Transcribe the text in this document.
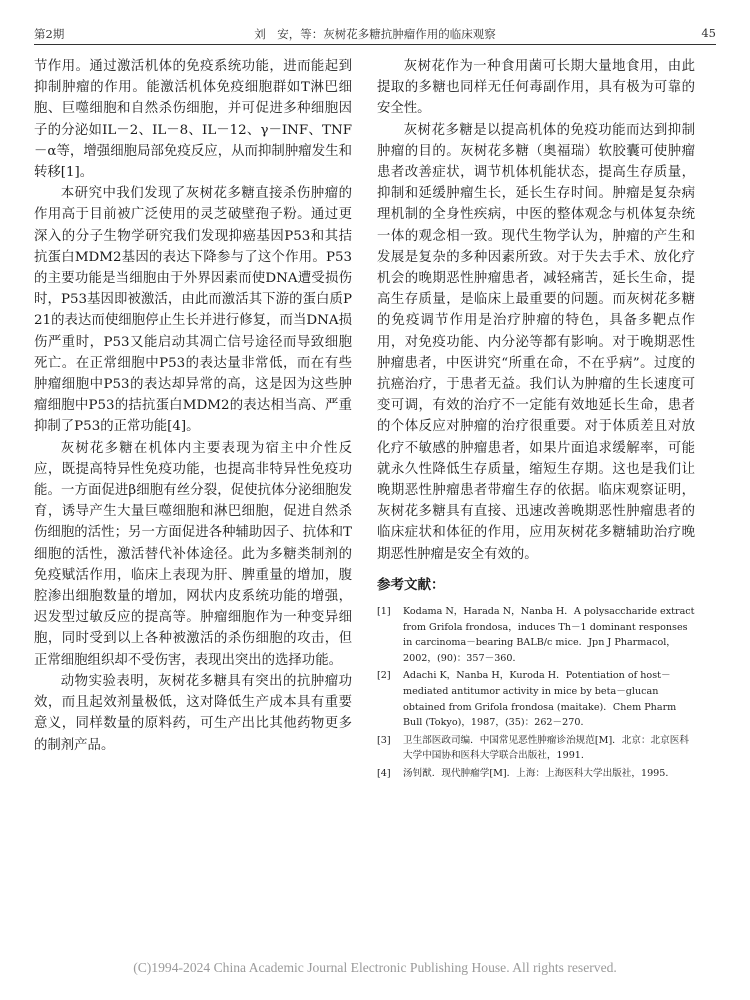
第2期	刘　安，等：灰树花多糖抗肿瘤作用的临床观察	45

节作用。通过激活机体的免疫系统功能，进而能起到抑制肿瘤的作用。能激活机体免疫细胞群如T淋巴细胞、巨噬细胞和自然杀伤细胞，并可促进多种细胞因子的分泌如IL－2、IL－8、IL－12、γ－INF、TNF－α等，增强细胞局部免疫反应，从而抑制肿瘤发生和转移[1]。

本研究中我们发现了灰树花多糖直接杀伤肿瘤的作用高于目前被广泛使用的灵芝破壁孢子粉。通过更深入的分子生物学研究我们发现抑癌基因P53和其拮抗蛋白MDM2基因的表达下降参与了这个作用。P53的主要功能是当细胞由于外界因素而使DNA遭受损伤时，P53基因即被激活，由此而激活其下游的蛋白质P21的表达而使细胞停止生长并进行修复，而当DNA损伤严重时，P53又能启动其凋亡信号途径而导致细胞死亡。在正常细胞中P53的表达量非常低，而在有些肿瘤细胞中P53的表达却异常的高，这是因为这些肿瘤细胞中P53的拮抗蛋白MDM2的表达相当高、严重抑制了P53的正常功能[4]。

灰树花多糖在机体内主要表现为宿主中介性反应，既提高特异性免疫功能，也提高非特异性免疫功能。一方面促进β细胞有丝分裂，促使抗体分泌细胞发育，诱导产生大量巨噬细胞和淋巴细胞，促进自然杀伤细胞的活性；另一方面促进各种辅助因子、抗体和T细胞的活性，激活替代补体途径。此为多糖类制剂的免疫赋活作用，临床上表现为肝、脾重量的增加，腹腔渗出细胞数量的增加，网状内皮系统功能的增强，迟发型过敏反应的提高等。肿瘤细胞作为一种变异细胞，同时受到以上各种被激活的杀伤细胞的攻击，但正常细胞组织却不受伤害，表现出突出的选择功能。

动物实验表明，灰树花多糖具有突出的抗肿瘤功效，而且起效剂量极低，这对降低生产成本具有重要意义，同样数量的原料药，可生产出比其他药物更多的制剂产品。

灰树花作为一种食用菌可长期大量地食用，由此提取的多糖也同样无任何毒副作用，具有极为可靠的安全性。

灰树花多糖是以提高机体的免疫功能而达到抑制肿瘤的目的。灰树花多糖（奥福瑞）软胶囊可使肿瘤患者改善症状，调节机体机能状态，提高生存质量，抑制和延缓肿瘤生长，延长生存时间。肿瘤是复杂病理机制的全身性疾病，中医的整体观念与机体复杂统一体的观念相一致。现代生物学认为，肿瘤的产生和发展是复杂的多种因素所致。对于失去手术、放化疗机会的晚期恶性肿瘤患者，减轻痛苦，延长生命，提高生存质量，是临床上最重要的问题。而灰树花多糖的免疫调节作用是治疗肿瘤的特色，具备多靶点作用，对免疫功能、内分泌等都有影响。对于晚期恶性肿瘤患者，中医讲究“所重在命，不在乎病”。过度的抗癌治疗，于患者无益。我们认为肿瘤的生长速度可变可调，有效的治疗不一定能有效地延长生命，患者的个体反应对肿瘤的治疗很重要。对于体质差且对放化疗不敏感的肿瘤患者，如果片面追求缓解率，可能就永久性降低生存质量，缩短生存期。这也是我们让晚期恶性肿瘤患者带瘤生存的依据。临床观察证明，灰树花多糖具有直接、迅速改善晚期恶性肿瘤患者的临床症状和体征的作用，应用灰树花多糖辅助治疗晚期恶性肿瘤是安全有效的。

参考文献：
[1]	Kodama N，Harada N，Nanba H．A polysaccharide extract from Grifola frondosa，induces Th－1 dominant responses in carcinoma－bearing BALB/c mice．Jpn J Pharmacol，2002，(90)：357－360．
[2]	Adachi K，Nanba H，Kuroda H．Potentiation of host－mediated antitumor activity in mice by beta－glucan obtained from Grifola frondosa (maitake)．Chem Pharm Bull (Tokyo)，1987，(35)：262－270．
[3]	卫生部医政司编．中国常见恶性肿瘤诊治规范[M]．北京：北京医科大学中国协和医科大学联合出版社，1991．
[4]	汤钊猷．现代肿瘤学[M]．上海：上海医科大学出版社，1995．
(C)1994-2024 China Academic Journal Electronic Publishing House. All rights reserved.
